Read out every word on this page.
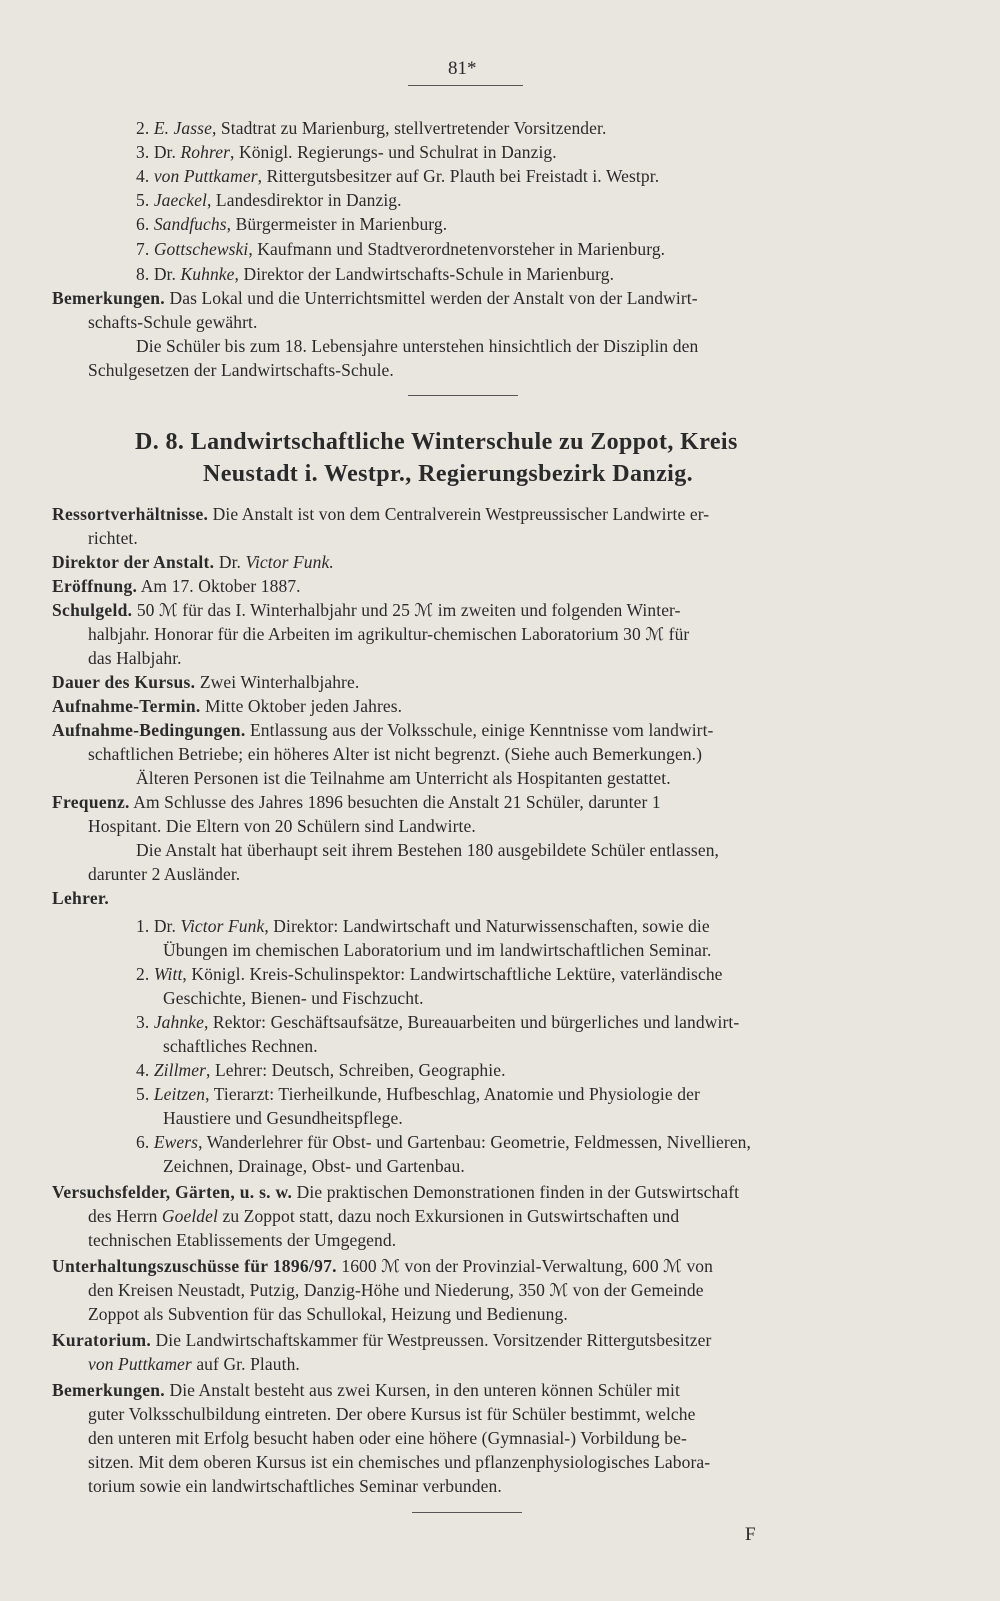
81*
2. E. Jasse, Stadtrat zu Marienburg, stellvertretender Vorsitzender.
3. Dr. Rohrer, Königl. Regierungs- und Schulrat in Danzig.
4. von Puttkamer, Rittergutsbesitzer auf Gr. Plauth bei Freistadt i. Westpr.
5. Jaeckel, Landesdirektor in Danzig.
6. Sandfuchs, Bürgermeister in Marienburg.
7. Gottschewski, Kaufmann und Stadtverordnetenvorsteher in Marienburg.
8. Dr. Kuhnke, Direktor der Landwirtschafts-Schule in Marienburg.
Bemerkungen. Das Lokal und die Unterrichtsmittel werden der Anstalt von der Landwirt-
schafts-Schule gewährt.
Die Schüler bis zum 18. Lebensjahre unterstehen hinsichtlich der Disziplin den
Schulgesetzen der Landwirtschafts-Schule.
D. 8. Landwirtschaftliche Winterschule zu Zoppot, Kreis
Neustadt i. Westpr., Regierungsbezirk Danzig.
Ressortverhältnisse. Die Anstalt ist von dem Centralverein Westpreussischer Landwirte er-
richtet.
Direktor der Anstalt. Dr. Victor Funk.
Eröffnung. Am 17. Oktober 1887.
Schulgeld. 50 ℳ für das I. Winterhalbjahr und 25 ℳ im zweiten und folgenden Winter-
halbjahr. Honorar für die Arbeiten im agrikultur-chemischen Laboratorium 30 ℳ für
das Halbjahr.
Dauer des Kursus. Zwei Winterhalbjahre.
Aufnahme-Termin. Mitte Oktober jeden Jahres.
Aufnahme-Bedingungen. Entlassung aus der Volksschule, einige Kenntnisse vom landwirt-
schaftlichen Betriebe; ein höheres Alter ist nicht begrenzt. (Siehe auch Bemerkungen.)
Älteren Personen ist die Teilnahme am Unterricht als Hospitanten gestattet.
Frequenz. Am Schlusse des Jahres 1896 besuchten die Anstalt 21 Schüler, darunter 1
Hospitant. Die Eltern von 20 Schülern sind Landwirte.
Die Anstalt hat überhaupt seit ihrem Bestehen 180 ausgebildete Schüler entlassen,
darunter 2 Ausländer.
Lehrer.
1. Dr. Victor Funk, Direktor: Landwirtschaft und Naturwissenschaften, sowie die
Übungen im chemischen Laboratorium und im landwirtschaftlichen Seminar.
2. Witt, Königl. Kreis-Schulinspektor: Landwirtschaftliche Lektüre, vaterländische
Geschichte, Bienen- und Fischzucht.
3. Jahnke, Rektor: Geschäftsaufsätze, Bureauarbeiten und bürgerliches und landwirt-
schaftliches Rechnen.
4. Zillmer, Lehrer: Deutsch, Schreiben, Geographie.
5. Leitzen, Tierarzt: Tierheilkunde, Hufbeschlag, Anatomie und Physiologie der
Haustiere und Gesundheitspflege.
6. Ewers, Wanderlehrer für Obst- und Gartenbau: Geometrie, Feldmessen, Nivellieren,
Zeichnen, Drainage, Obst- und Gartenbau.
Versuchsfelder, Gärten, u. s. w. Die praktischen Demonstrationen finden in der Gutswirtschaft
des Herrn Goeldel zu Zoppot statt, dazu noch Exkursionen in Gutswirtschaften und
technischen Etablissements der Umgegend.
Unterhaltungszuschüsse für 1896/97. 1600 ℳ von der Provinzial-Verwaltung, 600 ℳ von
den Kreisen Neustadt, Putzig, Danzig-Höhe und Niederung, 350 ℳ von der Gemeinde
Zoppot als Subvention für das Schullokal, Heizung und Bedienung.
Kuratorium. Die Landwirtschaftskammer für Westpreussen. Vorsitzender Rittergutsbesitzer
von Puttkamer auf Gr. Plauth.
Bemerkungen. Die Anstalt besteht aus zwei Kursen, in den unteren können Schüler mit
guter Volksschulbildung eintreten. Der obere Kursus ist für Schüler bestimmt, welche
den unteren mit Erfolg besucht haben oder eine höhere (Gymnasial-) Vorbildung be-
sitzen. Mit dem oberen Kursus ist ein chemisches und pflanzenphysiologisches Labora-
torium sowie ein landwirtschaftliches Seminar verbunden.
F
